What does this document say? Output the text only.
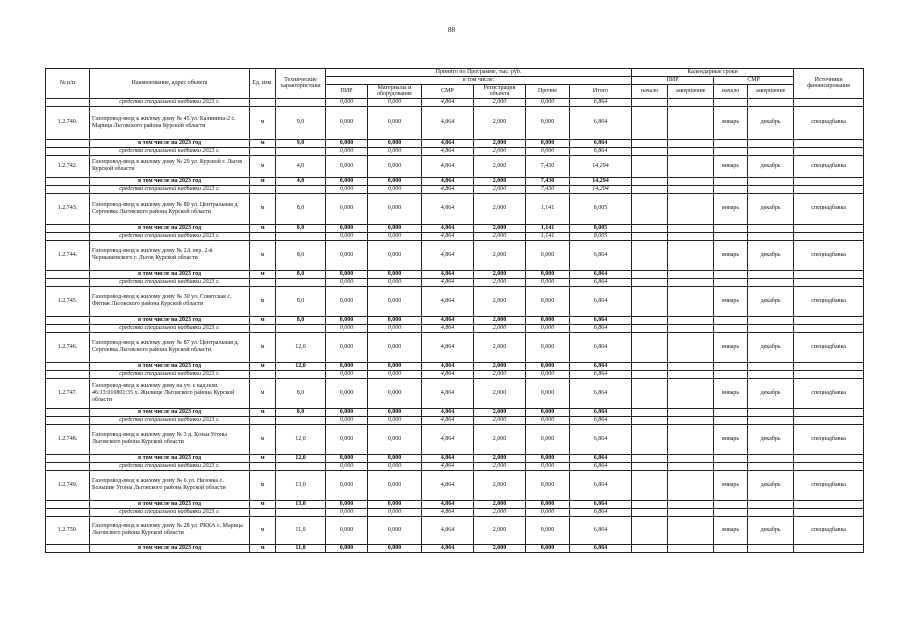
88
№ п/п	Наименование, адрес объекта	Ед. изм.	Технические характеристики	Принято по Программе, тыс. руб.						Календарные сроки				Источники финансирования
				в том числе:						ПИР		СМР		
				ПИР	Материалы и оборудование	СМР	Регистрация объекта	Прочие	Итого	начало	завершение	начало	завершение	
	средства специальной надбавки 2023 г.			0,000	0,000	4,864	2,000	0,000	6,864					
1.2.740.	Газопровод-ввод к жилому дому № 45 ул. Калинина-2 с. Марица Льговского района Курской области	м	9,0	0,000	0,000	4,864	2,000	0,000	6,864			январь	декабрь	спецнадбавка
	в том числе на 2023 год	м	9,0	0,000	0,000	4,864	2,000	0,000	6,864					
	средства специальной надбавки 2023 г.			0,000	0,000	4,864	2,000	0,000	6,864					
1.2.742.	Газопровод-ввод к жилому дому № 29 ул. Курской г. Льгов Курской области	м	4,0	0,000	0,000	4,864	2,000	7,430	14,294			январь	декабрь	спецнадбавка
	в том числе на 2023 год	м	4,0	0,000	0,000	4,864	2,000	7,430	14,294					
	средства специальной надбавки 2023 г.			0,000	0,000	4,864	2,000	7,430	14,294					
1.2.743.	Газопровод-ввод к жилому дому № 80 ул. Центральная д. Сергеевка Льговского района Курской области	м	8,0	0,000	0,000	4,864	2,000	1,141	8,005			январь	декабрь	спецнадбавка
	в том числе на 2023 год	м	8,0	0,000	0,000	4,864	2,000	1,141	8,005					
	средства специальной надбавки 2023 г.			0,000	0,000	4,864	2,000	1,141	8,005					
1.2.744.	Газопровод-ввод к жилому дому № 2А пер. 2-й Чернышевского г. Льгов Курской области	м	8,0	0,000	0,000	4,864	2,000	0,000	6,864			январь	декабрь	спецнадбавка
	в том числе на 2023 год	м	8,0	0,000	0,000	4,864	2,000	0,000	6,864					
	средства специальной надбавки 2023 г.			0,000	0,000	4,864	2,000	0,000	6,864					
1.2.745.	Газопровод-ввод к жилому дому № 30 ул. Советская с. Фитиж Льговского района Курской области	м	8,0	0,000	0,000	4,864	2,000	0,000	6,864			январь	декабрь	спецнадбавка
	в том числе на 2023 год	м	8,0	0,000	0,000	4,864	2,000	0,000	6,864					
	средства специальной надбавки 2023 г.			0,000	0,000	4,864	2,000	0,000	6,864					
1.2.746.	Газопровод-ввод к жилому дому № 87 ул. Центральная д. Сергеевка Льговского района Курской области	м	12,0	0,000	0,000	4,864	2,000	0,000	6,864			январь	декабрь	спецнадбавка
	в том числе на 2023 год	м	12,0	0,000	0,000	4,864	2,000	0,000	6,864					
	средства специальной надбавки 2023 г.			0,000	0,000	4,864	2,000	0,000	6,864					
1.2.747.	Газопровод-ввод к жилому дому на уч. с кад.ном. 46:13:010801:35 х. Жилище Льговского района Курской области	м	8,0	0,000	0,000	4,864	2,000	0,000	6,864			январь	декабрь	спецнадбавка
	в том числе на 2023 год	м	8,0	0,000	0,000	4,864	2,000	0,000	6,864					
	средства специальной надбавки 2023 г.			0,000	0,000	4,864	2,000	0,000	6,864					
1.2.748.	Газопровод-ввод к жилому дому № 3 д. Козьи Угоны Льговского района Курской области	м	12,0	0,000	0,000	4,864	2,000	0,000	6,864			январь	декабрь	спецнадбавка
	в том числе на 2023 год	м	12,0	0,000	0,000	4,864	2,000	0,000	6,864					
	средства специальной надбавки 2023 г.			0,000	0,000	4,864	2,000	0,000	6,864					
1.2.749.	Газопровод-ввод к жилому дому № 6 ул. Низовка с. Большие Угоны Льговского района Курской области	м	13,0	0,000	0,000	4,864	2,000	0,000	6,864			январь	декабрь	спецнадбавка
	в том числе на 2023 год	м	13,0	0,000	0,000	4,864	2,000	0,000	6,864					
	средства специальной надбавки 2023 г.			0,000	0,000	4,864	2,000	0,000	6,864					
1.2.750.	Газопровод-ввод к жилому дому № 28 ул. РККА с. Марица Льговского района Курской области	м	11,0	0,000	0,000	4,864	2,000	0,000	6,864			январь	декабрь	спецнадбавка
	в том числе на 2023 год	м	11,0	0,000	0,000	4,864	2,000	0,000	6,864					
